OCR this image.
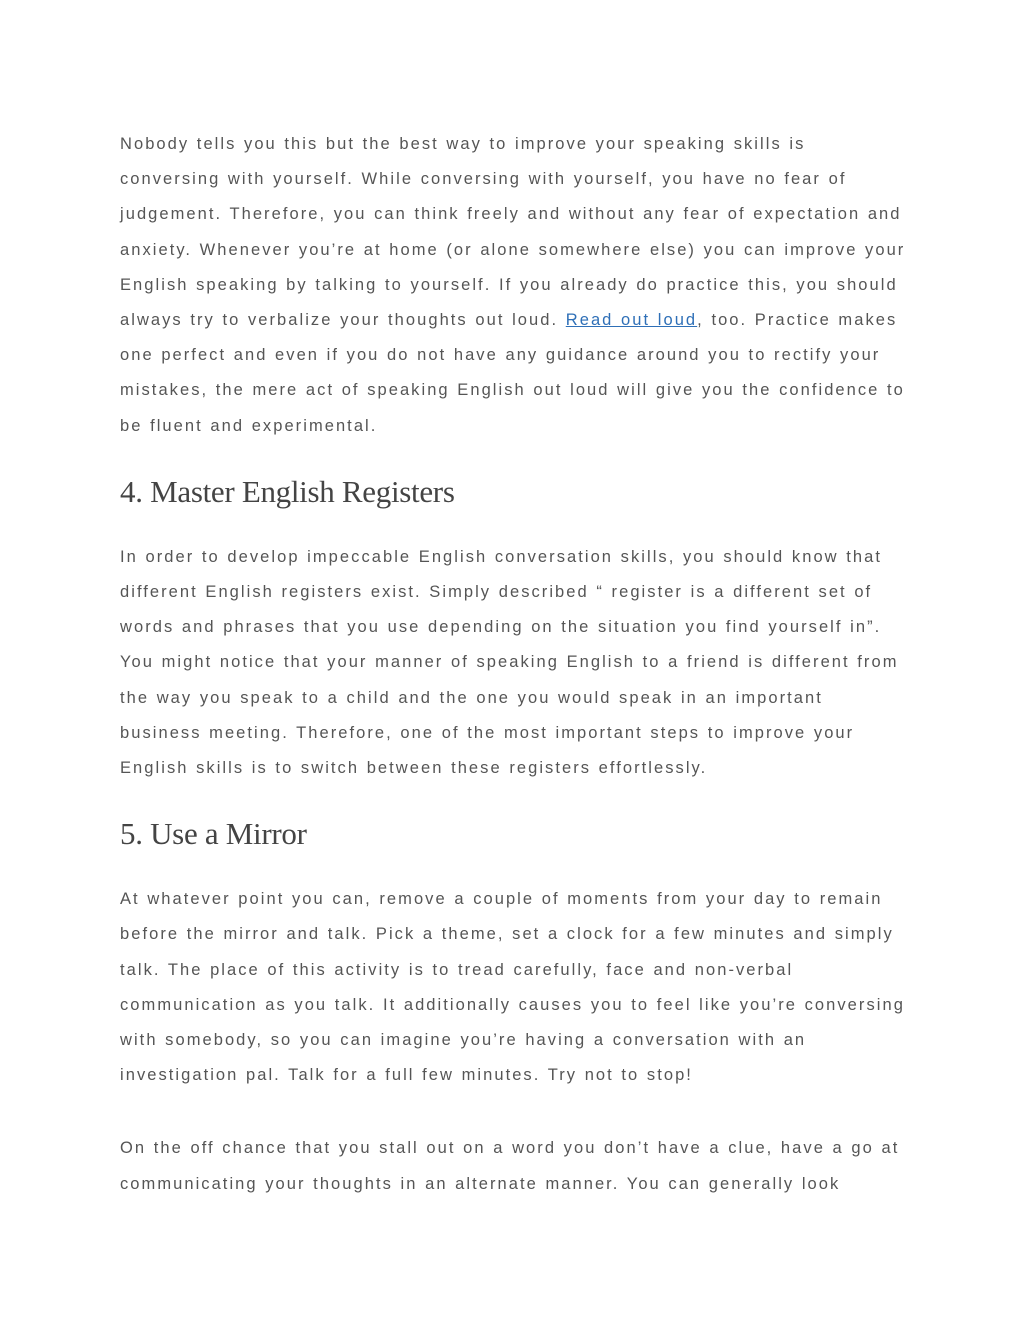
Nobody tells you this but the best way to improve your speaking skills is conversing with yourself. While conversing with yourself, you have no fear of judgement. Therefore, you can think freely and without any fear of expectation and anxiety. Whenever you’re at home (or alone somewhere else) you can improve your English speaking by talking to yourself. If you already do practice this, you should always try to verbalize your thoughts out loud. Read out loud, too. Practice makes one perfect and even if you do not have any guidance around you to rectify your mistakes, the mere act of speaking English out loud will give you the confidence to be fluent and experimental.

4. Master English Registers

In order to develop impeccable English conversation skills, you should know that different English registers exist. Simply described “ register is a different set of words and phrases that you use depending on the situation you find yourself in”. You might notice that your manner of speaking English to a friend is different from the way you speak to a child and the one you would speak in an important business meeting. Therefore, one of the most important steps to improve your English skills is to switch between these registers effortlessly.

5. Use a Mirror

At whatever point you can, remove a couple of moments from your day to remain before the mirror and talk. Pick a theme, set a clock for a few minutes and simply talk. The place of this activity is to tread carefully, face and non-verbal communication as you talk. It additionally causes you to feel like you’re conversing with somebody, so you can imagine you’re having a conversation with an investigation pal. Talk for a full few minutes. Try not to stop!

On the off chance that you stall out on a word you don’t have a clue, have a go at communicating your thoughts in an alternate manner. You can generally look
